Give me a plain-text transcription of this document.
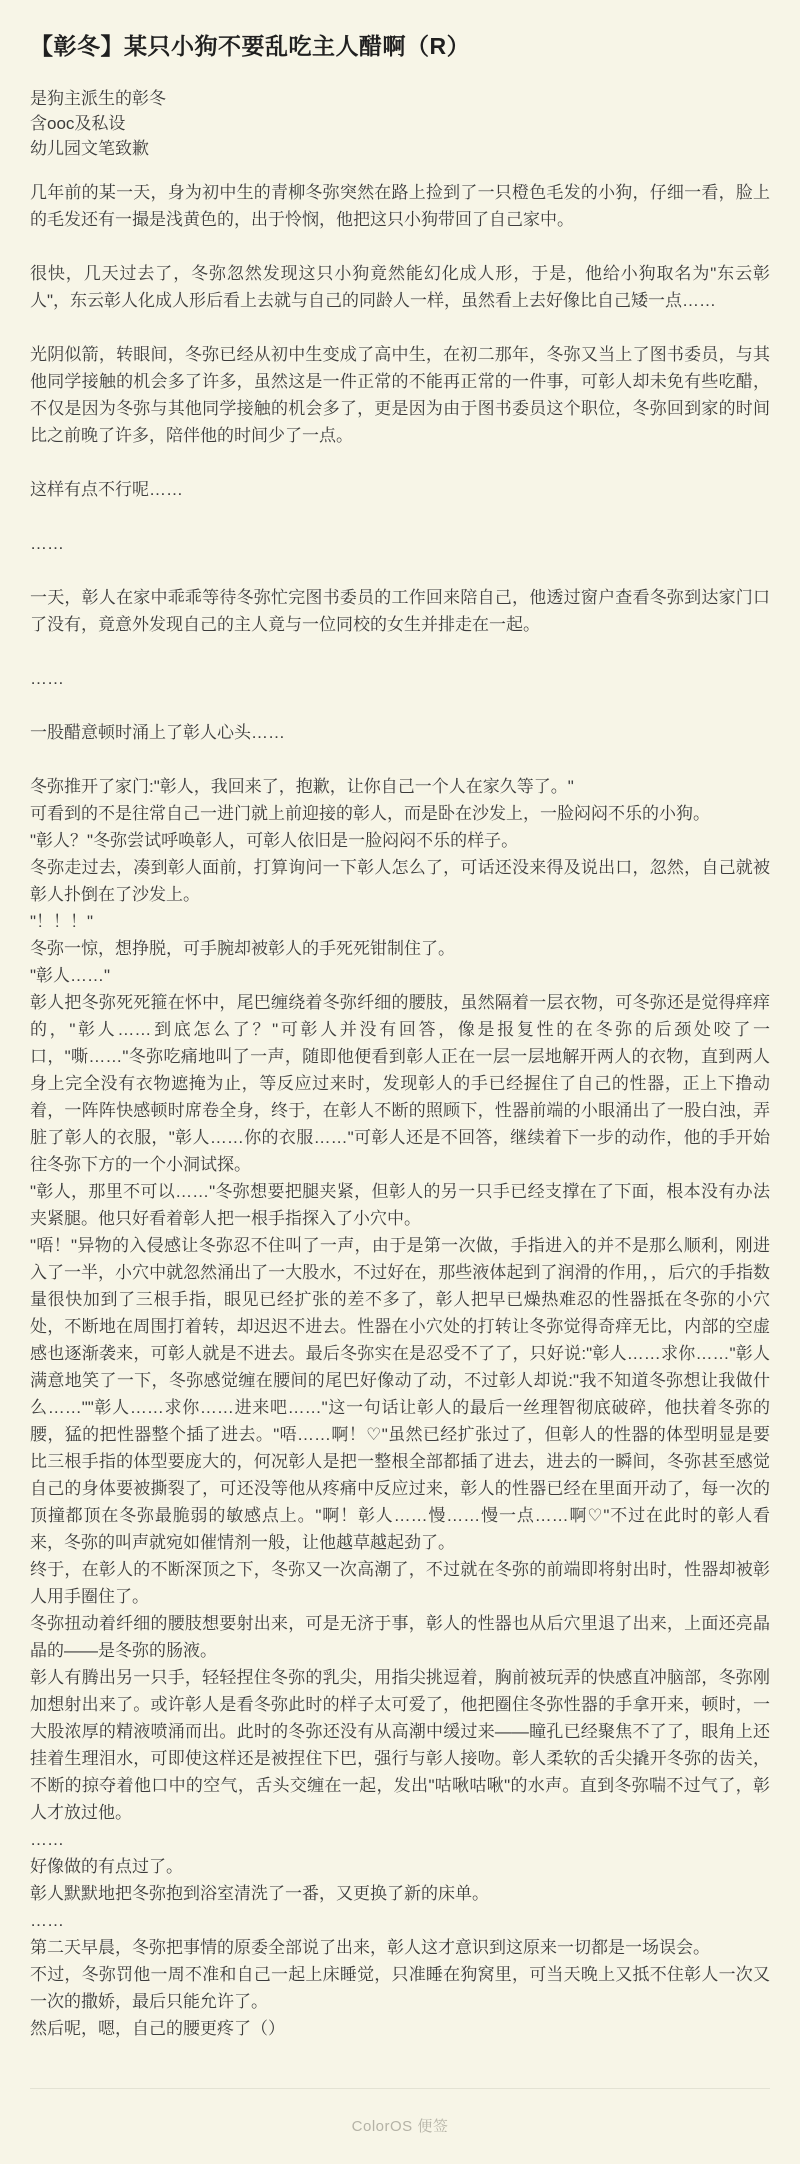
【彰冬】某只小狗不要乱吃主人醋啊（R）

是狗主派生的彰冬

含ooc及私设

幼儿园文笔致歉

几年前的某一天，身为初中生的青柳冬弥突然在路上捡到了一只橙色毛发的小狗，仔细一看，脸上的毛发还有一撮是浅黄色的，出于怜悯，他把这只小狗带回了自己家中。

很快，几天过去了，冬弥忽然发现这只小狗竟然能幻化成人形，于是，他给小狗取名为"东云彰人"，东云彰人化成人形后看上去就与自己的同龄人一样，虽然看上去好像比自己矮一点……

光阴似箭，转眼间，冬弥已经从初中生变成了高中生，在初二那年，冬弥又当上了图书委员，与其他同学接触的机会多了许多，虽然这是一件正常的不能再正常的一件事，可彰人却未免有些吃醋，不仅是因为冬弥与其他同学接触的机会多了，更是因为由于图书委员这个职位，冬弥回到家的时间比之前晚了许多，陪伴他的时间少了一点。

这样有点不行呢……

……

一天，彰人在家中乖乖等待冬弥忙完图书委员的工作回来陪自己，他透过窗户查看冬弥到达家门口了没有，竟意外发现自己的主人竟与一位同校的女生并排走在一起。

……

一股醋意顿时涌上了彰人心头……

冬弥推开了家门:"彰人，我回来了，抱歉，让你自己一个人在家久等了。"

可看到的不是往常自己一进门就上前迎接的彰人，而是卧在沙发上，一脸闷闷不乐的小狗。

"彰人？"冬弥尝试呼唤彰人，可彰人依旧是一脸闷闷不乐的样子。

冬弥走过去，凑到彰人面前，打算询问一下彰人怎么了，可话还没来得及说出口，忽然，自己就被彰人扑倒在了沙发上。

"！！！"

冬弥一惊，想挣脱，可手腕却被彰人的手死死钳制住了。

"彰人……"

彰人把冬弥死死箍在怀中，尾巴缠绕着冬弥纤细的腰肢，虽然隔着一层衣物，可冬弥还是觉得痒痒的，"彰人……到底怎么了？"可彰人并没有回答，像是报复性的在冬弥的后颈处咬了一口，"嘶……"冬弥吃痛地叫了一声，随即他便看到彰人正在一层一层地解开两人的衣物，直到两人身上完全没有衣物遮掩为止，等反应过来时，发现彰人的手已经握住了自己的性器，正上下撸动着，一阵阵快感顿时席卷全身，终于，在彰人不断的照顾下，性器前端的小眼涌出了一股白浊，弄脏了彰人的衣服，"彰人……你的衣服……"可彰人还是不回答，继续着下一步的动作，他的手开始往冬弥下方的一个小洞试探。

"彰人，那里不可以……"冬弥想要把腿夹紧，但彰人的另一只手已经支撑在了下面，根本没有办法夹紧腿。他只好看着彰人把一根手指探入了小穴中。

"唔！"异物的入侵感让冬弥忍不住叫了一声，由于是第一次做，手指进入的并不是那么顺利，刚进入了一半，小穴中就忽然涌出了一大股水，不过好在，那些液体起到了润滑的作用，，后穴的手指数量很快加到了三根手指，眼见已经扩张的差不多了，彰人把早已燥热难忍的性器抵在冬弥的小穴处，不断地在周围打着转，却迟迟不进去。性器在小穴处的打转让冬弥觉得奇痒无比，内部的空虚感也逐渐袭来，可彰人就是不进去。最后冬弥实在是忍受不了了，只好说:"彰人……求你……"彰人满意地笑了一下，冬弥感觉缠在腰间的尾巴好像动了动，不过彰人却说:"我不知道冬弥想让我做什么……""彰人……求你……进来吧……"这一句话让彰人的最后一丝理智彻底破碎，他扶着冬弥的腰，猛的把性器整个插了进去。"唔……啊！♡"虽然已经扩张过了，但彰人的性器的体型明显是要比三根手指的体型要庞大的，何况彰人是把一整根全部都插了进去，进去的一瞬间，冬弥甚至感觉自己的身体要被撕裂了，可还没等他从疼痛中反应过来，彰人的性器已经在里面开动了，每一次的顶撞都顶在冬弥最脆弱的敏感点上。"啊！彰人……慢……慢一点……啊♡"不过在此时的彰人看来，冬弥的叫声就宛如催情剂一般，让他越草越起劲了。

终于，在彰人的不断深顶之下，冬弥又一次高潮了，不过就在冬弥的前端即将射出时，性器却被彰人用手圈住了。

冬弥扭动着纤细的腰肢想要射出来，可是无济于事，彰人的性器也从后穴里退了出来，上面还亮晶晶的——是冬弥的肠液。

彰人有腾出另一只手，轻轻捏住冬弥的乳尖，用指尖挑逗着，胸前被玩弄的快感直冲脑部，冬弥刚加想射出来了。或许彰人是看冬弥此时的样子太可爱了，他把圈住冬弥性器的手拿开来，顿时，一大股浓厚的精液喷涌而出。此时的冬弥还没有从高潮中缓过来——瞳孔已经聚焦不了了，眼角上还挂着生理泪水，可即使这样还是被捏住下巴，强行与彰人接吻。彰人柔软的舌尖撬开冬弥的齿关，不断的掠夺着他口中的空气，舌头交缠在一起，发出"咕啾咕啾"的水声。直到冬弥喘不过气了，彰人才放过他。

……

好像做的有点过了。

彰人默默地把冬弥抱到浴室清洗了一番，又更换了新的床单。

……

第二天早晨，冬弥把事情的原委全部说了出来，彰人这才意识到这原来一切都是一场误会。

不过，冬弥罚他一周不准和自己一起上床睡觉，只准睡在狗窝里，可当天晚上又抵不住彰人一次又一次的撒娇，最后只能允许了。

然后呢，嗯，自己的腰更疼了（）

ColorOS 便签
